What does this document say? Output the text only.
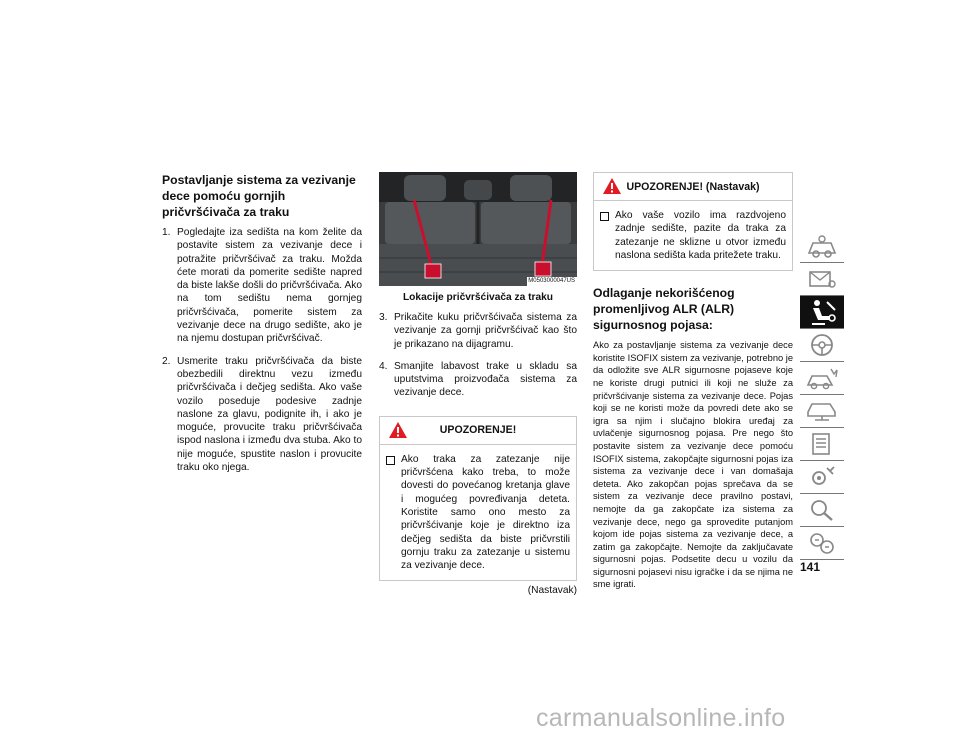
Postavljanje sistema za vezivanje dece pomoću gornjih pričvršćivača za traku
1. Pogledajte iza sedišta na kom želite da postavite sistem za vezivanje dece i potražite pričvršćivač za traku. Možda ćete morati da pomerite sedište napred da biste lakše došli do pričvršćivača. Ako na tom sedištu nema gornjeg pričvršćivača, pomerite sistem za vezivanje dece na drugo sedište, ako je na njemu dostupan pričvršćivač.
2. Usmerite traku pričvršćivača da biste obezbedili direktnu vezu između pričvršćivača i dečjeg sedišta. Ako vaše vozilo poseduje podesive zadnje naslone za glavu, podignite ih, i ako je moguće, provucite traku pričvršćivača ispod naslona i između dva stuba. Ako to nije moguće, spustite naslon i provucite traku oko njega.
M0503000047US
Lokacije pričvršćivača za traku
3. Prikačite kuku pričvršćivača sistema za vezivanje za gornji pričvršćivač kao što je prikazano na dijagramu.
4. Smanjite labavost trake u skladu sa uputstvima proizvođača sistema za vezivanje dece.
UPOZORENJE!
Ako traka za zatezanje nije pričvršćena kako treba, to može dovesti do povećanog kretanja glave i mogućeg povređivanja deteta. Koristite samo ono mesto za pričvršćivanje koje je direktno iza dečjeg sedišta da biste pričvrstili gornju traku za zatezanje u sistemu za vezivanje dece.
(Nastavak)
UPOZORENJE! (Nastavak)
Ako vaše vozilo ima razdvojeno zadnje sedište, pazite da traka za zatezanje ne sklizne u otvor između naslona sedišta kada pritežete traku.
Odlaganje nekorišćenog promenljivog ALR (ALR) sigurnosnog pojasa:
Ako za postavljanje sistema za vezivanje dece koristite ISOFIX sistem za vezivanje, potrebno je da odložite sve ALR sigurnosne pojaseve koje ne koriste drugi putnici ili koji ne služe za pričvršćivanje sistema za vezivanje dece. Pojas koji se ne koristi može da povredi dete ako se igra sa njim i slučajno blokira uređaj za uvlačenje sigurnosnog pojasa. Pre nego što postavite sistem za vezivanje dece pomoću ISOFIX sistema, zakopčajte sigurnosni pojas iza sistema za vezivanje dece i van domašaja deteta. Ako zakopčan pojas sprečava da se sistem za vezivanje dece pravilno postavi, nemojte da ga zakopčate iza sistema za vezivanje dece, nego ga sprovedite putanjom kojom ide pojas sistema za vezivanje dece, a zatim ga zakopčajte. Nemojte da zaključavate sigurnosni pojas. Podsetite decu u vozilu da sigurnosni pojasevi nisu igračke i da se njima ne sme igrati.
141
carmanualsonline.info
